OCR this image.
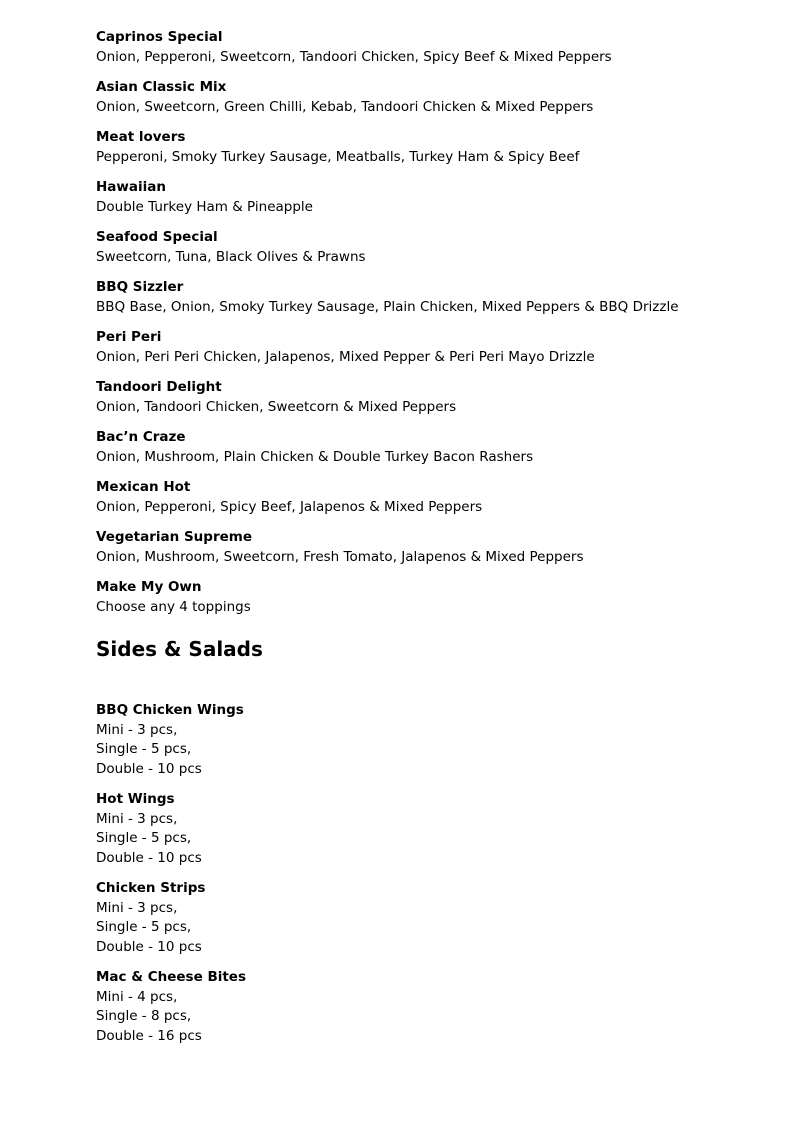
Caprinos Special
Onion, Pepperoni, Sweetcorn, Tandoori Chicken, Spicy Beef & Mixed Peppers
Asian Classic Mix
Onion, Sweetcorn, Green Chilli, Kebab, Tandoori Chicken & Mixed Peppers
Meat lovers
Pepperoni, Smoky Turkey Sausage, Meatballs, Turkey Ham & Spicy Beef
Hawaiian
Double Turkey Ham & Pineapple
Seafood Special
Sweetcorn, Tuna, Black Olives & Prawns
BBQ Sizzler
BBQ Base, Onion, Smoky Turkey Sausage, Plain Chicken, Mixed Peppers & BBQ Drizzle
Peri Peri
Onion, Peri Peri Chicken, Jalapenos, Mixed Pepper & Peri Peri Mayo Drizzle
Tandoori Delight
Onion, Tandoori Chicken, Sweetcorn & Mixed Peppers
Bac’n Craze
Onion, Mushroom, Plain Chicken & Double Turkey Bacon Rashers
Mexican Hot
Onion, Pepperoni, Spicy Beef, Jalapenos & Mixed Peppers
Vegetarian Supreme
Onion, Mushroom, Sweetcorn, Fresh Tomato, Jalapenos & Mixed Peppers
Make My Own
Choose any 4 toppings
Sides & Salads
BBQ Chicken Wings
Mini - 3 pcs,
Single - 5 pcs,
Double - 10 pcs
Hot Wings
Mini - 3 pcs,
Single - 5 pcs,
Double - 10 pcs
Chicken Strips
Mini - 3 pcs,
Single - 5 pcs,
Double - 10 pcs
Mac & Cheese Bites
Mini - 4 pcs,
Single - 8 pcs,
Double - 16 pcs
